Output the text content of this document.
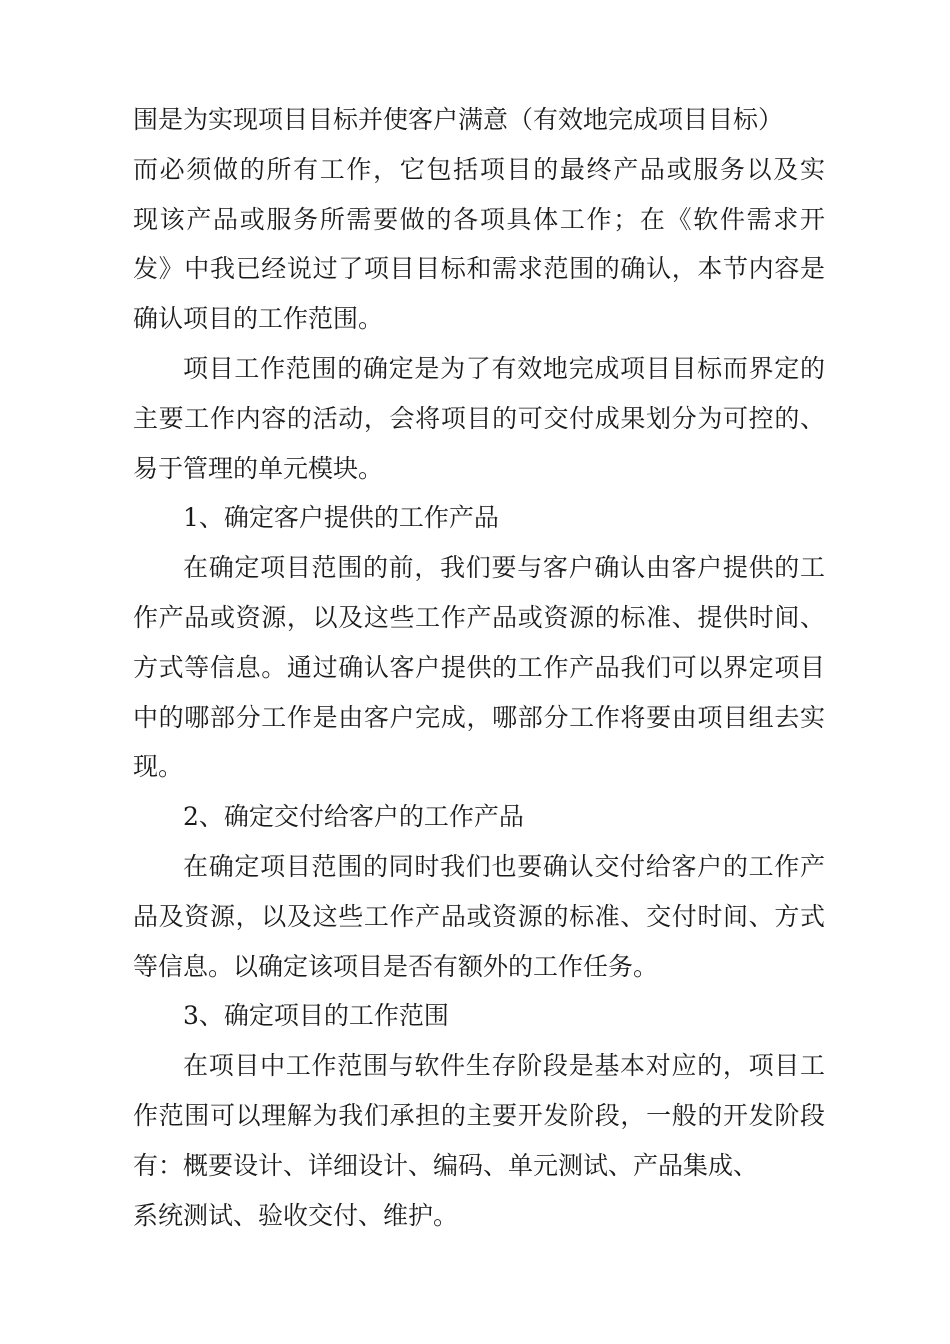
围是为实现项目目标并使客户满意（有效地完成项目目标）
而必须做的所有工作，它包括项目的最终产品或服务以及实
现该产品或服务所需要做的各项具体工作；在《软件需求开
发》中我已经说过了项目目标和需求范围的确认，本节内容是
确认项目的工作范围。
项目工作范围的确定是为了有效地完成项目目标而界定的
主要工作内容的活动，会将项目的可交付成果划分为可控的、
易于管理的单元模块。
1、确定客户提供的工作产品
在确定项目范围的前，我们要与客户确认由客户提供的工
作产品或资源，以及这些工作产品或资源的标准、提供时间、
方式等信息。通过确认客户提供的工作产品我们可以界定项目
中的哪部分工作是由客户完成，哪部分工作将要由项目组去实
现。
2、确定交付给客户的工作产品
在确定项目范围的同时我们也要确认交付给客户的工作产
品及资源，以及这些工作产品或资源的标准、交付时间、方式
等信息。以确定该项目是否有额外的工作任务。
3、确定项目的工作范围
在项目中工作范围与软件生存阶段是基本对应的，项目工
作范围可以理解为我们承担的主要开发阶段，一般的开发阶段
有：概要设计、详细设计、编码、单元测试、产品集成、
系统测试、验收交付、维护。
